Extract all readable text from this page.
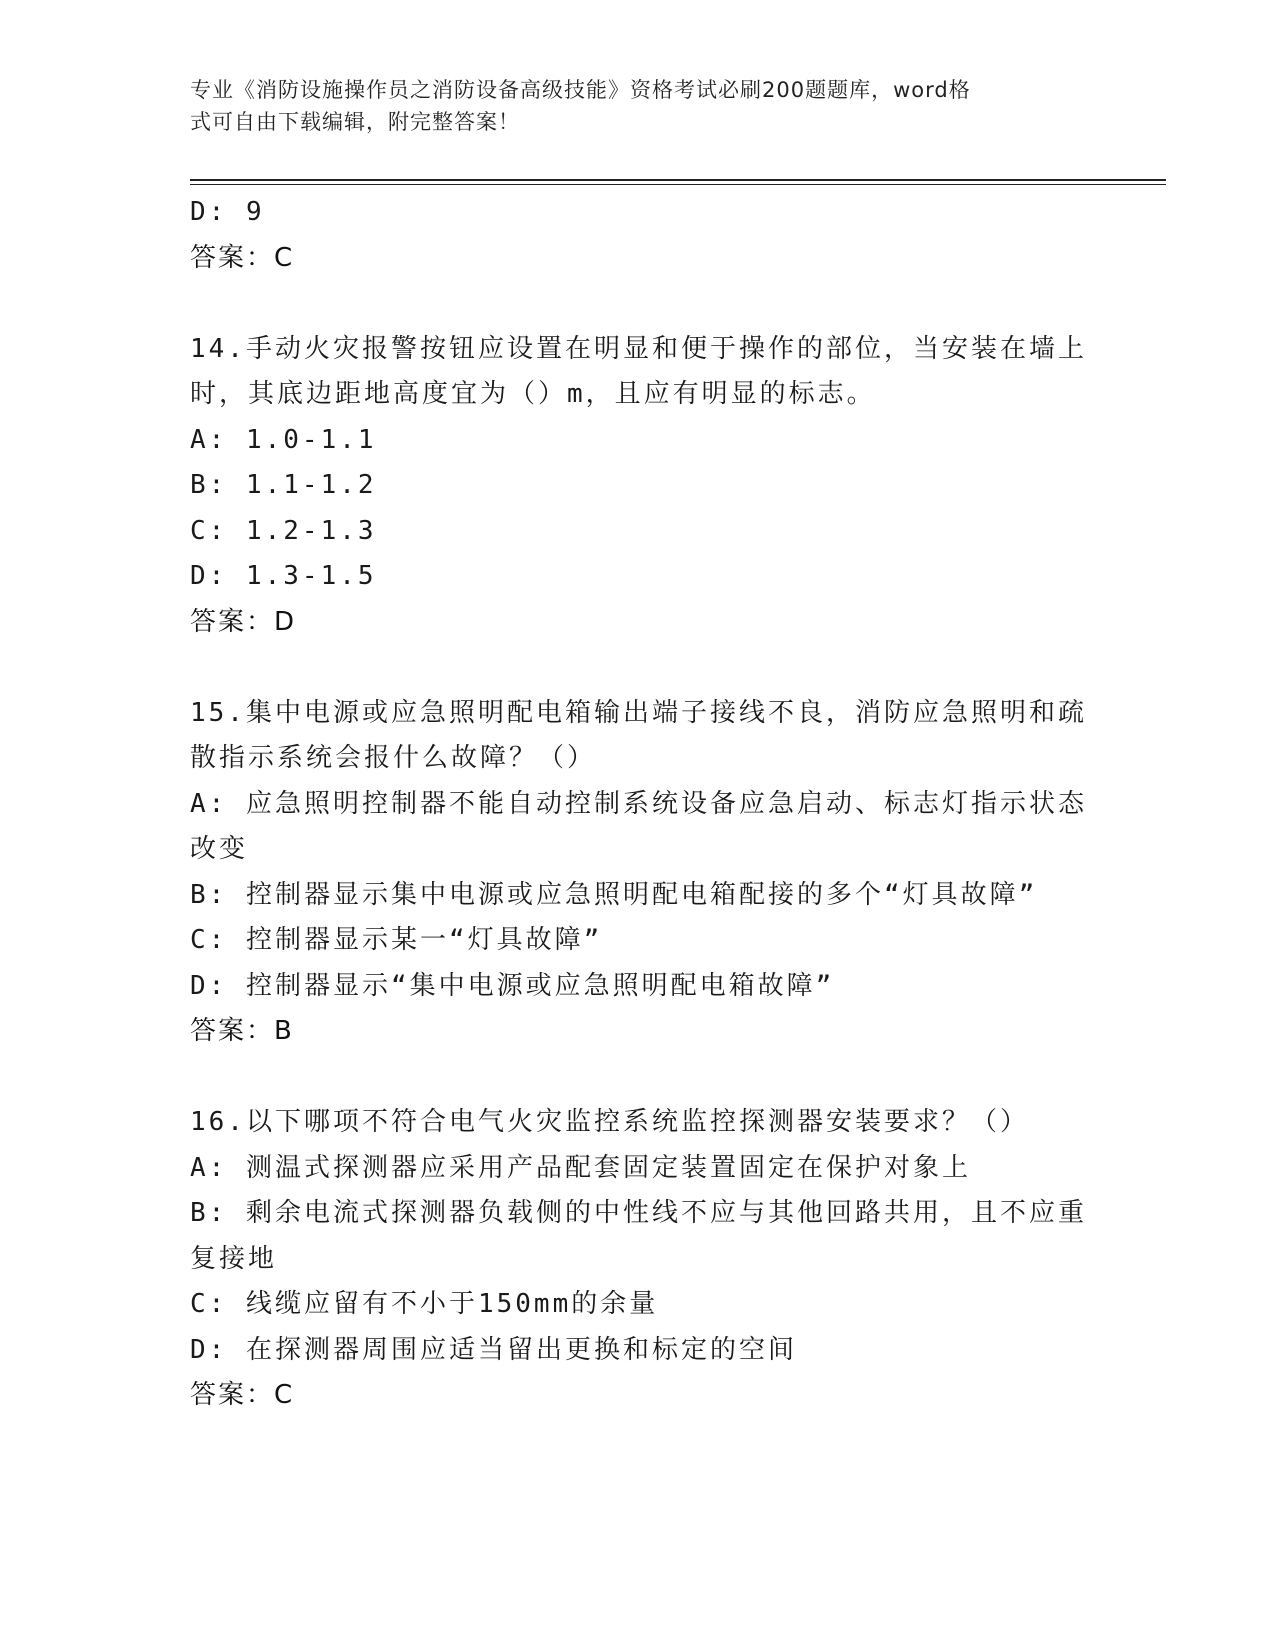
专业《消防设施操作员之消防设备高级技能》资格考试必刷200题题库，word格
式可自由下载编辑，附完整答案！
D: 9
答案：C
14.手动火灾报警按钮应设置在明显和便于操作的部位，当安装在墙上
时，其底边距地高度宜为（）m，且应有明显的标志。
A: 1.0-1.1
B: 1.1-1.2
C: 1.2-1.3
D: 1.3-1.5
答案：D
15.集中电源或应急照明配电箱输出端子接线不良，消防应急照明和疏
散指示系统会报什么故障？（）
A: 应急照明控制器不能自动控制系统设备应急启动、标志灯指示状态
改变
B: 控制器显示集中电源或应急照明配电箱配接的多个“灯具故障”
C: 控制器显示某一“灯具故障”
D: 控制器显示“集中电源或应急照明配电箱故障”
答案：B
16.以下哪项不符合电气火灾监控系统监控探测器安装要求？（）
A: 测温式探测器应采用产品配套固定装置固定在保护对象上
B: 剩余电流式探测器负载侧的中性线不应与其他回路共用，且不应重
复接地
C: 线缆应留有不小于150mm的余量
D: 在探测器周围应适当留出更换和标定的空间
答案：C
